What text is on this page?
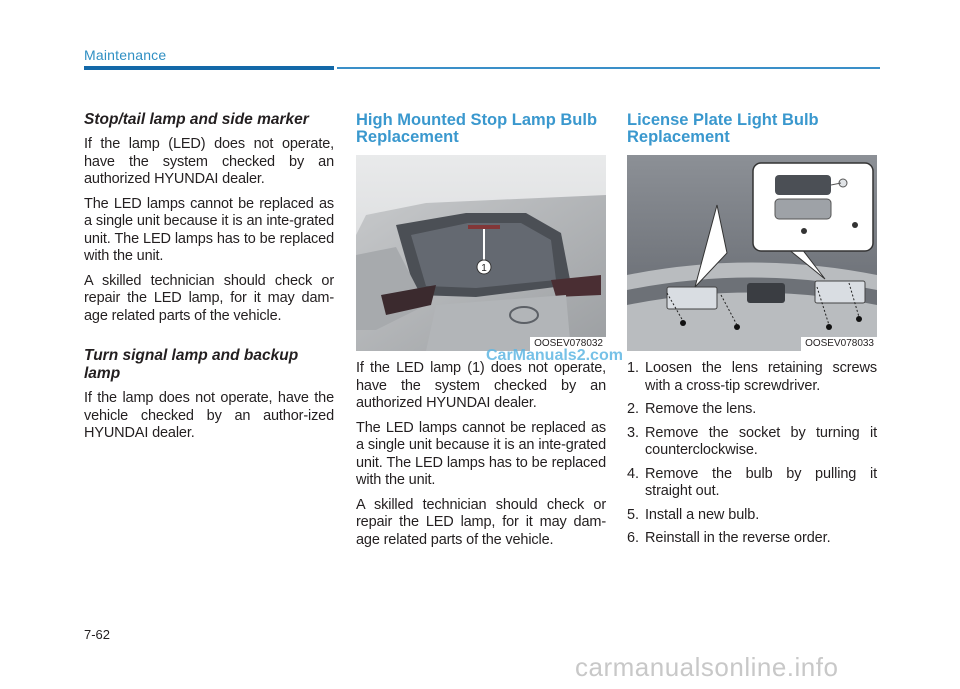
Maintenance
Stop/tail lamp and side marker

If the lamp (LED) does not operate, have the system checked by an authorized HYUNDAI dealer.

The LED lamps cannot be replaced as a single unit because it is an inte-grated unit. The LED lamps has to be replaced with the unit.

A skilled technician should check or repair the LED lamp, for it may dam-age related parts of the vehicle.

Turn signal lamp and backup lamp

If the lamp does not operate, have the vehicle checked by an author-ized HYUNDAI dealer.

High Mounted Stop Lamp Bulb Replacement
1
OOSEV078032

If the LED lamp (1) does not operate, have the system checked by an authorized HYUNDAI dealer.

The LED lamps cannot be replaced as a single unit because it is an inte-grated unit. The LED lamps has to be replaced with the unit.

A skilled technician should check or repair the LED lamp, for it may dam-age related parts of the vehicle.

License Plate Light Bulb Replacement
OOSEV078033
1. Loosen the lens retaining screws with a cross-tip screwdriver.
2. Remove the lens.
3. Remove the socket by turning it counterclockwise.
4. Remove the bulb by pulling it straight out.
5. Install a new bulb.
6. Reinstall in the reverse order.
CarManuals2.com
7-62
carmanualsonline.info
